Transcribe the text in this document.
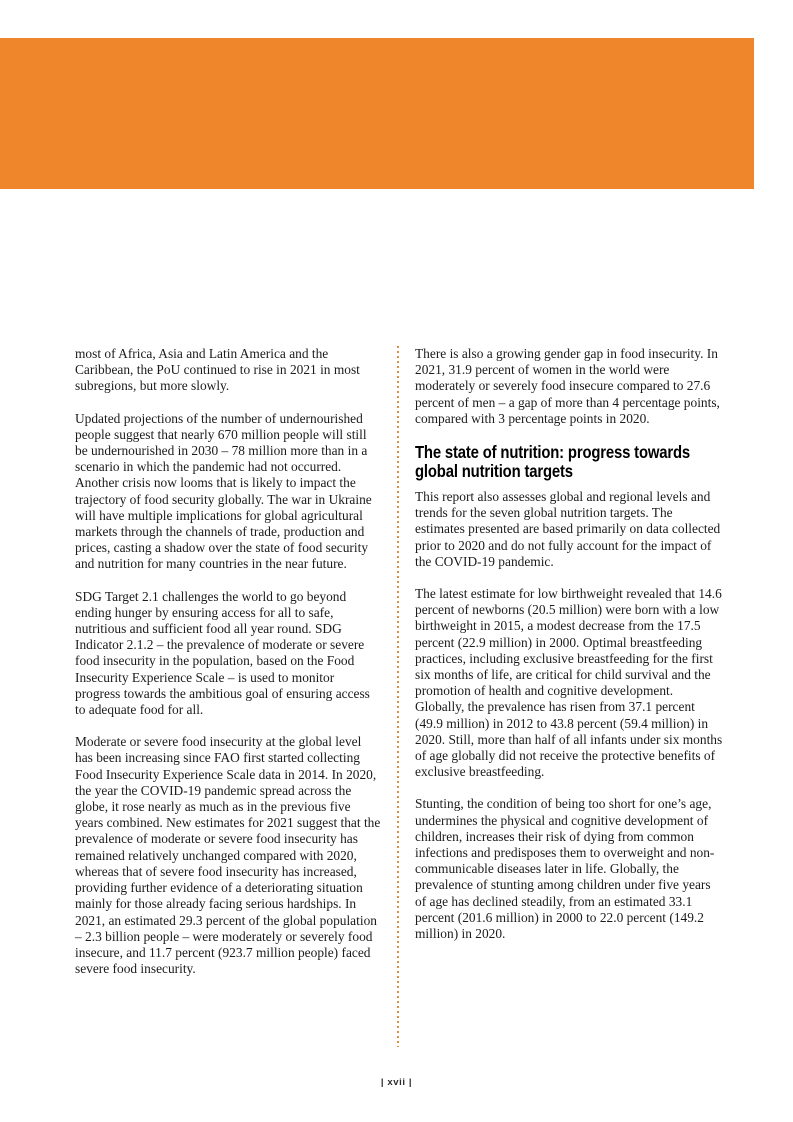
most of Africa, Asia and Latin America and the Caribbean, the PoU continued to rise in 2021 in most subregions, but more slowly.

Updated projections of the number of undernourished people suggest that nearly 670 million people will still be undernourished in 2030 – 78 million more than in a scenario in which the pandemic had not occurred. Another crisis now looms that is likely to impact the trajectory of food security globally. The war in Ukraine will have multiple implications for global agricultural markets through the channels of trade, production and prices, casting a shadow over the state of food security and nutrition for many countries in the near future.

SDG Target 2.1 challenges the world to go beyond ending hunger by ensuring access for all to safe, nutritious and sufficient food all year round. SDG Indicator 2.1.2 – the prevalence of moderate or severe food insecurity in the population, based on the Food Insecurity Experience Scale – is used to monitor progress towards the ambitious goal of ensuring access to adequate food for all.

Moderate or severe food insecurity at the global level has been increasing since FAO first started collecting Food Insecurity Experience Scale data in 2014. In 2020, the year the COVID-19 pandemic spread across the globe, it rose nearly as much as in the previous five years combined. New estimates for 2021 suggest that the prevalence of moderate or severe food insecurity has remained relatively unchanged compared with 2020, whereas that of severe food insecurity has increased, providing further evidence of a deteriorating situation mainly for those already facing serious hardships. In 2021, an estimated 29.3 percent of the global population – 2.3 billion people – were moderately or severely food insecure, and 11.7 percent (923.7 million people) faced severe food insecurity.

There is also a growing gender gap in food insecurity. In 2021, 31.9 percent of women in the world were moderately or severely food insecure compared to 27.6 percent of men – a gap of more than 4 percentage points, compared with 3 percentage points in 2020.

The state of nutrition: progress towards
global nutrition targets

This report also assesses global and regional levels and trends for the seven global nutrition targets. The estimates presented are based primarily on data collected prior to 2020 and do not fully account for the impact of the COVID-19 pandemic.

The latest estimate for low birthweight revealed that 14.6 percent of newborns (20.5 million) were born with a low birthweight in 2015, a modest decrease from the 17.5 percent (22.9 million) in 2000. Optimal breastfeeding practices, including exclusive breastfeeding for the first six months of life, are critical for child survival and the promotion of health and cognitive development. Globally, the prevalence has risen from 37.1 percent (49.9 million) in 2012 to 43.8 percent (59.4 million) in 2020. Still, more than half of all infants under six months of age globally did not receive the protective benefits of exclusive breastfeeding.

Stunting, the condition of being too short for one’s age, undermines the physical and cognitive development of children, increases their risk of dying from common infections and predisposes them to overweight and non-communicable diseases later in life. Globally, the prevalence of stunting among children under five years of age has declined steadily, from an estimated 33.1 percent (201.6 million) in 2000 to 22.0 percent (149.2 million) in 2020.

| xvii |
